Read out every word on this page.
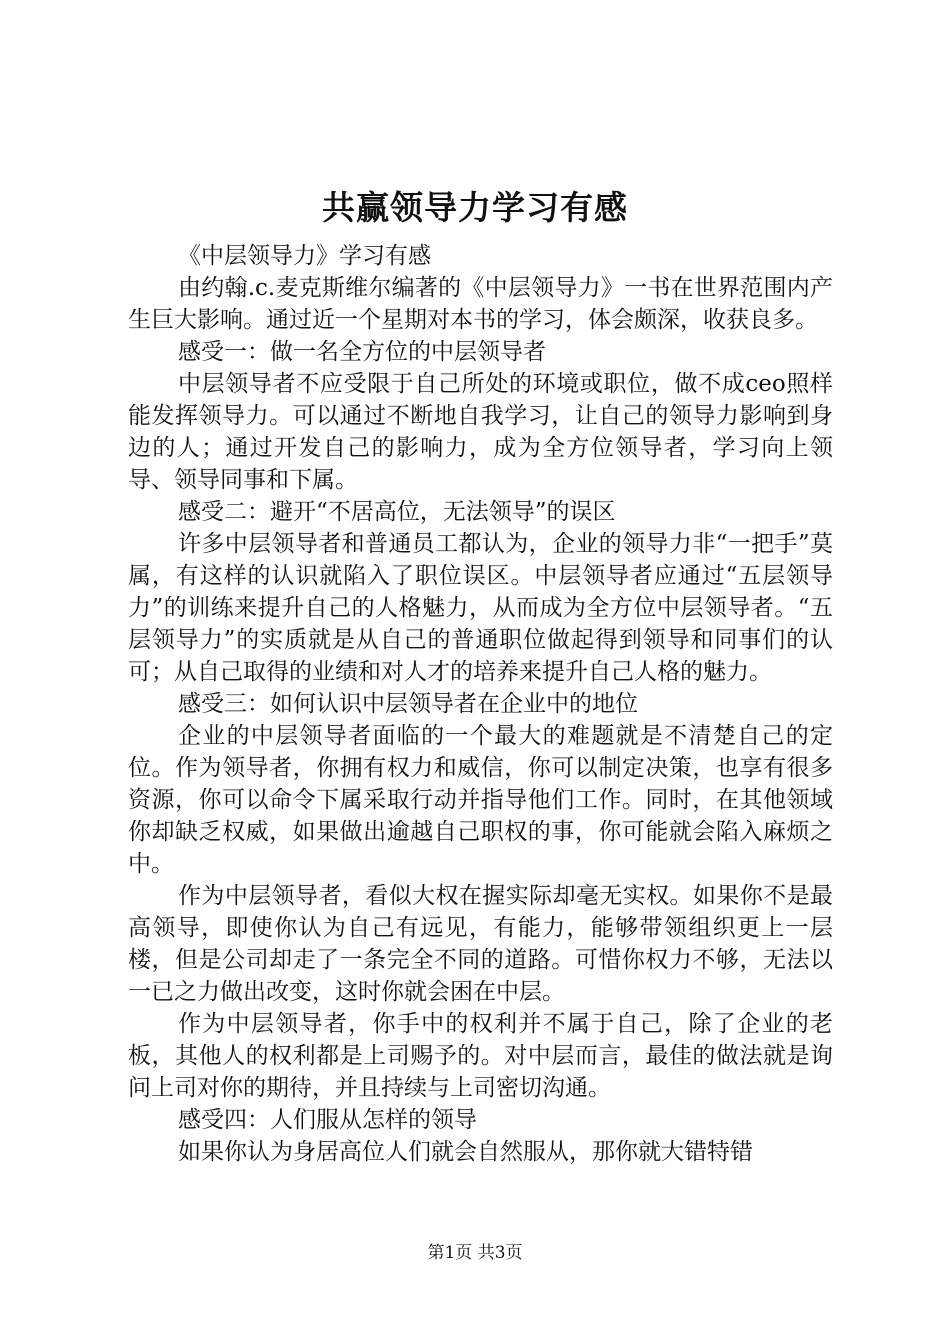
共赢领导力学习有感

《中层领导力》学习有感

由约翰.c.麦克斯维尔编著的《中层领导力》一书在世界范围内产生巨大影响。通过近一个星期对本书的学习，体会颇深，收获良多。

感受一：做一名全方位的中层领导者

中层领导者不应受限于自己所处的环境或职位，做不成ceo照样能发挥领导力。可以通过不断地自我学习，让自己的领导力影响到身边的人；通过开发自己的影响力，成为全方位领导者，学习向上领导、领导同事和下属。

感受二：避开“不居高位，无法领导”的误区

许多中层领导者和普通员工都认为，企业的领导力非“一把手”莫属，有这样的认识就陷入了职位误区。中层领导者应通过“五层领导力”的训练来提升自己的人格魅力，从而成为全方位中层领导者。“五层领导力”的实质就是从自己的普通职位做起得到领导和同事们的认可；从自己取得的业绩和对人才的培养来提升自己人格的魅力。

感受三：如何认识中层领导者在企业中的地位

企业的中层领导者面临的一个最大的难题就是不清楚自己的定位。作为领导者，你拥有权力和威信，你可以制定决策，也享有很多资源，你可以命令下属采取行动并指导他们工作。同时，在其他领域你却缺乏权威，如果做出逾越自己职权的事，你可能就会陷入麻烦之中。

作为中层领导者，看似大权在握实际却毫无实权。如果你不是最高领导，即使你认为自己有远见，有能力，能够带领组织更上一层楼，但是公司却走了一条完全不同的道路。可惜你权力不够，无法以一已之力做出改变，这时你就会困在中层。

作为中层领导者，你手中的权利并不属于自己，除了企业的老板，其他人的权利都是上司赐予的。对中层而言，最佳的做法就是询问上司对你的期待，并且持续与上司密切沟通。

感受四：人们服从怎样的领导

如果你认为身居高位人们就会自然服从，那你就大错特错

第1页 共3页
